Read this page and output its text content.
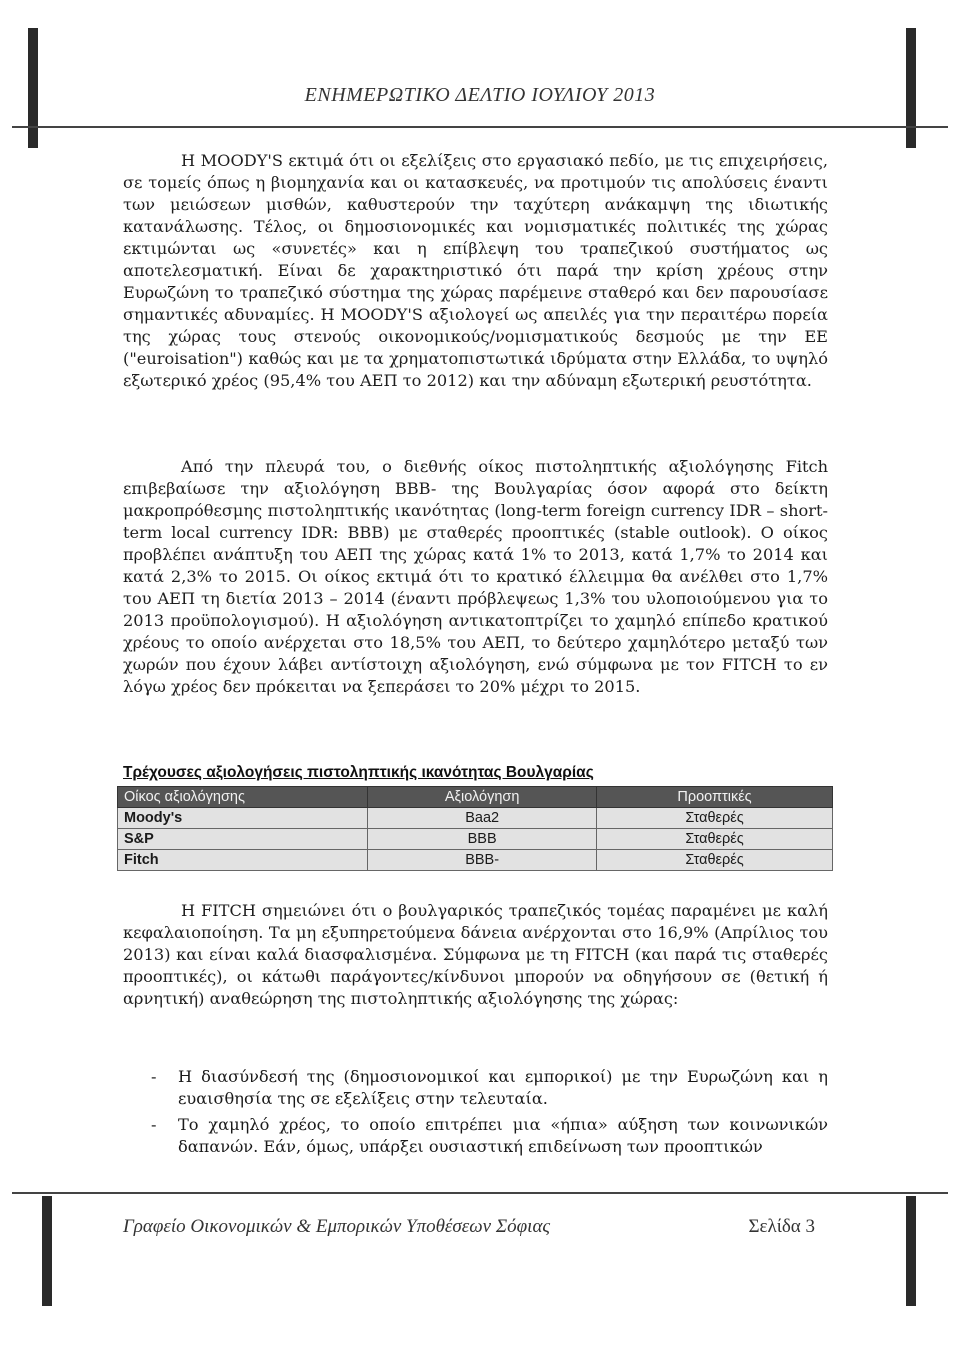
ΕΝΗΜΕΡΩΤΙΚΟ ΔΕΛΤΙΟ ΙΟΥΛΙΟΥ 2013

Η MOODY'S εκτιμά ότι οι εξελίξεις στο εργασιακό πεδίο, με τις επιχειρήσεις, σε τομείς όπως η βιομηχανία και οι κατασκευές, να προτιμούν τις απολύσεις έναντι των μειώσεων μισθών, καθυστερούν την ταχύτερη ανάκαμψη της ιδιωτικής κατανάλωσης. Τέλος, οι δημοσιονομικές και νομισματικές πολιτικές της χώρας εκτιμώνται ως «συνετές» και η επίβλεψη του τραπεζικού συστήματος ως αποτελεσματική. Είναι δε χαρακτηριστικό ότι παρά την κρίση χρέους στην Ευρωζώνη το τραπεζικό σύστημα της χώρας παρέμεινε σταθερό και δεν παρουσίασε σημαντικές αδυναμίες. Η MOODY'S αξιολογεί ως απειλές για την περαιτέρω πορεία της χώρας τους στενούς οικονομικούς/νομισματικούς δεσμούς με την ΕΕ ("euroisation") καθώς και με τα χρηματοπιστωτικά ιδρύματα στην Ελλάδα, το υψηλό εξωτερικό χρέος (95,4% του ΑΕΠ το 2012) και την αδύναμη εξωτερική ρευστότητα.

Από την πλευρά του, ο διεθνής οίκος πιστοληπτικής αξιολόγησης Fitch επιβεβαίωσε την αξιολόγηση BBB- της Βουλγαρίας όσον αφορά στο δείκτη μακροπρόθεσμης πιστοληπτικής ικανότητας (long-term foreign currency IDR – short-term local currency IDR: BBB) με σταθερές προοπτικές (stable outlook). Ο οίκος προβλέπει ανάπτυξη του ΑΕΠ της χώρας κατά 1% το 2013, κατά 1,7% το 2014 και κατά 2,3% το 2015. Οι οίκος εκτιμά ότι το κρατικό έλλειμμα θα ανέλθει στο 1,7% του ΑΕΠ τη διετία 2013 – 2014 (έναντι πρόβλεψεως 1,3% του υλοποιούμενου για το 2013 προϋπολογισμού). Η αξιολόγηση αντικατοπτρίζει το χαμηλό επίπεδο κρατικού χρέους το οποίο ανέρχεται στο 18,5% του ΑΕΠ, το δεύτερο χαμηλότερο μεταξύ των χωρών που έχουν λάβει αντίστοιχη αξιολόγηση, ενώ σύμφωνα με τον FITCH το εν λόγω χρέος δεν πρόκειται να ξεπεράσει το 20% μέχρι το 2015.

Τρέχουσες αξιολογήσεις πιστοληπτικής ικανότητας Βουλγαρίας
Οίκος αξιολόγησης	Αξιολόγηση	Προοπτικές
Moody's	Baa2	Σταθερές
S&P	BBB	Σταθερές
Fitch	BBB-	Σταθερές

Η FITCH σημειώνει ότι ο βουλγαρικός τραπεζικός τομέας παραμένει με καλή κεφαλαιοποίηση. Τα μη εξυπηρετούμενα δάνεια ανέρχονται στο 16,9% (Απρίλιος του 2013) και είναι καλά διασφαλισμένα. Σύμφωνα με τη FITCH (και παρά τις σταθερές προοπτικές), οι κάτωθι παράγοντες/κίνδυνοι μπορούν να οδηγήσουν σε (θετική ή αρνητική) αναθεώρηση της πιστοληπτικής αξιολόγησης της χώρας:

- Η διασύνδεσή της (δημοσιονομικοί και εμπορικοί) με την Ευρωζώνη και η ευαισθησία της σε εξελίξεις στην τελευταία.
- Το χαμηλό χρέος, το οποίο επιτρέπει μια «ήπια» αύξηση των κοινωνικών δαπανών. Εάν, όμως, υπάρξει ουσιαστική επιδείνωση των προοπτικών
Γραφείο Οικονομικών & Εμπορικών Υποθέσεων Σόφιας	Σελίδα 3
